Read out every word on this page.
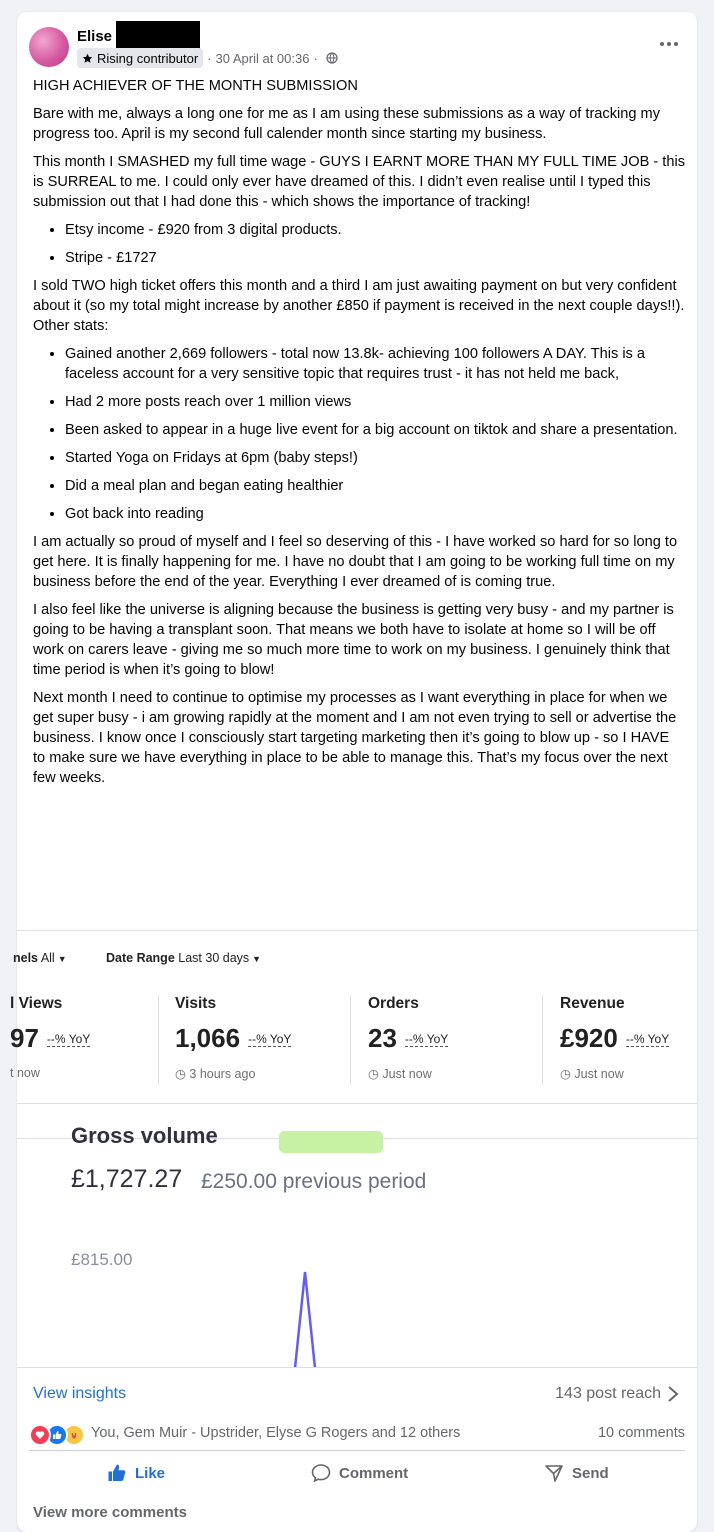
Elise
Rising contributor · 30 April at 00:36 ·

HIGH ACHIEVER OF THE MONTH SUBMISSION

Bare with me, always a long one for me as I am using these submissions as a way of tracking my progress too. April is my second full calender month since starting my business.

This month I SMASHED my full time wage - GUYS I EARNT MORE THAN MY FULL TIME JOB - this is SURREAL to me. I could only ever have dreamed of this. I didn’t even realise until I typed this submission out that I had done this - which shows the importance of tracking!

• Etsy income - £920 from 3 digital products.
• Stripe - £1727

I sold TWO high ticket offers this month and a third I am just awaiting payment on but very confident about it (so my total might increase by another £850 if payment is received in the next couple days!!). Other stats:

• Gained another 2,669 followers - total now 13.8k- achieving 100 followers A DAY. This is a faceless account for a very sensitive topic that requires trust - it has not held me back,
• Had 2 more posts reach over 1 million views
• Been asked to appear in a huge live event for a big account on tiktok and share a presentation.
• Started Yoga on Fridays at 6pm (baby steps!)
• Did a meal plan and began eating healthier
• Got back into reading

I am actually so proud of myself and I feel so deserving of this - I have worked so hard for so long to get here. It is finally happening for me. I have no doubt that I am going to be working full time on my business before the end of the year. Everything I ever dreamed of is coming true.

I also feel like the universe is aligning because the business is getting very busy - and my partner is going to be having a transplant soon. That means we both have to isolate at home so I will be off work on carers leave - giving me so much more time to work on my business. I genuinely think that time period is when it’s going to blow!

Next month I need to continue to optimise my processes as I want everything in place for when we get super busy - i am growing rapidly at the moment and I am not even trying to sell or advertise the business. I know once I consciously start targeting marketing then it’s going to blow up - so I HAVE to make sure we have everything in place to be able to manage this. That’s my focus over the next few weeks.

nels All ▼	Date Range Last 30 days ▼
l Views
97 --% YoY
t now
Visits
1,066 --% YoY
◷ 3 hours ago
Orders
23 --% YoY
◷ Just now
Revenue
£920 --% YoY
◷ Just now
Gross volume
£1,727.27 £250.00 previous period
£815.00
View insights	143 post reach
You, Gem Muir - Upstrider, Elyse G Rogers and 12 others	10 comments
Like	Comment	Send
View more comments
